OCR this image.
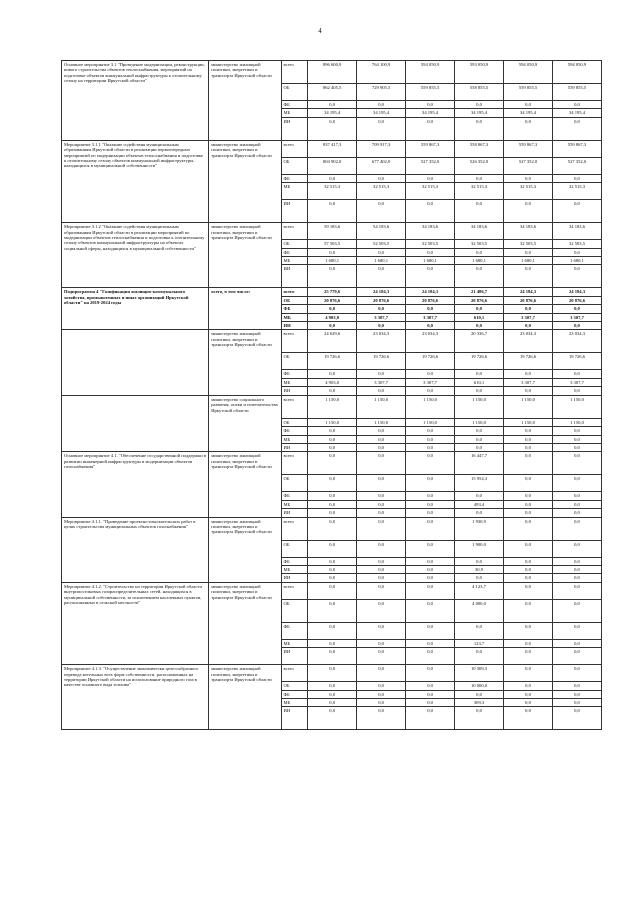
4
Основное мероприятие 3.1 "Проведение модернизации, реконструкции, нового строительства объектов теплоснабжения, мероприятий по подготовке объектов коммунальной инфраструктуры к отопительному сезону на территории Иркутской области"	министерство жилищной политики, энергетики и транспорта Иркутской области	всего	896 600,9	764 100,9	594 050,9	593 050,9	594 050,9	594 050,9
		ОБ	862 405,5	729 905,5	559 855,5	558 855,5	559 855,5	559 855,5
		ФБ	0,0	0,0	0,0	0,0	0,0	0,0
		МБ	34 195,4	34 195,4	34 195,4	34 195,4	34 195,4	34 195,4
		ИИ	0,0	0,0	0,0	0,0	0,0	0,0
Мероприятие 3.1.1 "Оказание содействия муниципальным образованиям Иркутской области в реализации первоочередных мероприятий по модернизации объектов теплоснабжения и подготовке к отопительному сезону объектов коммунальной инфраструктуры, находящихся в муниципальной собственности"	министерство жилищной политики, энергетики и транспорта Иркутской области	всего	837 417,3	709 917,3	559 867,3	558 867,3	559 867,3	559 867,3
		ОБ	804 902,0	677 402,0	527 352,0	526 352,0	527 352,0	527 352,0
		ФБ	0,0	0,0	0,0	0,0	0,0	0,0
		МБ	32 515,3	32 515,3	32 515,3	32 515,3	32 515,3	32 515,3
		ИИ	0,0	0,0	0,0	0,0	0,0	0,0
Мероприятие 3.1.2 "Оказание содействия муниципальным образованиям Иркутской области в реализации мероприятий по модернизации объектов теплоснабжения и подготовка к отопительному сезону объектов коммунальной инфраструктуры на объектах социальной сферы, находящихся в муниципальной собственности"	министерство жилищной политики, энергетики и транспорта Иркутской области	всего	59 183,6	54 183,6	34 183,6	34 183,6	34 183,6	34 183,6
		ОБ	57 503,5	52 503,5	32 503,5	32 503,5	32 503,5	32 503,5
		ФБ	0,0	0,0	0,0	0,0	0,0	0,0
		МБ	1 680,1	1 680,1	1 680,1	1 680,1	1 680,1	1 680,1
		ИИ	0,0	0,0	0,0	0,0	0,0	0,0
Подпрограмма 4 "Газификация жилищно-коммунального хозяйства, промышленных и иных организаций Иркутской области" на 2019-2024 годы	всего, в том числе:	всего	25 779,6	24 184,3	24 184,3	21 486,7	24 184,3	24 184,3
		ОБ	20 876,6	20 876,6	20 876,6	20 876,6	20 876,6	20 876,6
		ФБ	0,0	0,0	0,0	0,0	0,0	0,0
		МБ	4 903,0	3 307,7	3 307,7	610,1	3 307,7	3 307,7
		ИИ	0,0	0,0	0,0	0,0	0,0	0,0
	министерство жилищной политики, энергетики и транспорта Иркутской области	всего	24 629,6	23 034,3	23 034,3	20 336,7	23 034,3	23 034,3
		ОБ	19 726,6	19 726,6	19 726,6	19 726,6	19 726,6	19 726,6
		ФБ	0,0	0,0	0,0	0,0	0,0	0,0
		МБ	4 903,0	3 307,7	3 307,7	610,1	3 307,7	3 307,7
		ИИ	0,0	0,0	0,0	0,0	0,0	0,0
	министерство социального развития, опеки и попечительства Иркутской области	всего	1 150,0	1 150,0	1 150,0	1 150,0	1 150,0	1 150,0
		ОБ	1 150,0	1 150,0	1 150,0	1 150,0	1 150,0	1 150,0
		ФБ	0,0	0,0	0,0	0,0	0,0	0,0
		МБ	0,0	0,0	0,0	0,0	0,0	0,0
		ИИ	0,0	0,0	0,0	0,0	0,0	0,0
Основное мероприятие 4.1. "Обеспечение государственной поддержки в развитии инженерной инфраструктуры и модернизации объектов газоснабжения"	министерство жилищной политики, энергетики и транспорта Иркутской области	всего	0,0	0,0	0,0	16 447,7	0,0	0,0
		ОБ	0,0	0,0	0,0	15 954,3	0,0	0,0
		ФБ	0,0	0,0	0,0	0,0	0,0	0,0
		МБ	0,0	0,0	0,0	493,4	0,0	0,0
		ИИ	0,0	0,0	0,0	0,0	0,0	0,0
Мероприятие 4.1.1. "Проведение проектно-изыскательских работ в целях строительства муниципальных объектов газоснабжения"	министерство жилищной политики, энергетики и транспорта Иркутской области	всего	0,0	0,0	0,0	1 930,9	0,0	0,0
		ОБ	0,0	0,0	0,0	1 900,0	0,0	0,0
		ФБ	0,0	0,0	0,0	0,0	0,0	0,0
		МБ	0,0	0,0	0,0	30,9	0,0	0,0
		ИИ	0,0	0,0	0,0	0,0	0,0	0,0
Мероприятие 4.1.2. "Строительство на территории Иркутской области внутрипоселковых газораспределительных сетей, находящихся в муниципальной собственности, за исключением населенных пунктов, расположенных в сельской местности"	министерство жилищной политики, энергетики и транспорта Иркутской области	всего	0,0	0,0	0,0	4 123,7	0,0	0,0
		ОБ	0,0	0,0	0,0	4 000,0	0,0	0,0
		ФБ	0,0	0,0	0,0	0,0	0,0	0,0
		МБ	0,0	0,0	0,0	123,7	0,0	0,0
		ИИ	0,0	0,0	0,0	0,0	0,0	0,0
Мероприятие 4.1.3. "Осуществление экономически целесообразного перевода котельных всех форм собственности, расположенных на территории Иркутской области на использование природного газа в качестве основного вида топлива"	министерство жилищной политики, энергетики и транспорта Иркутской области	всего	0,0	0,0	0,0	10 309,3	0,0	0,0
		ОБ	0,0	0,0	0,0	10 000,0	0,0	0,0
		ФБ	0,0	0,0	0,0	0,0	0,0	0,0
		МБ	0,0	0,0	0,0	309,3	0,0	0,0
		ИИ	0,0	0,0	0,0	0,0	0,0	0,0
